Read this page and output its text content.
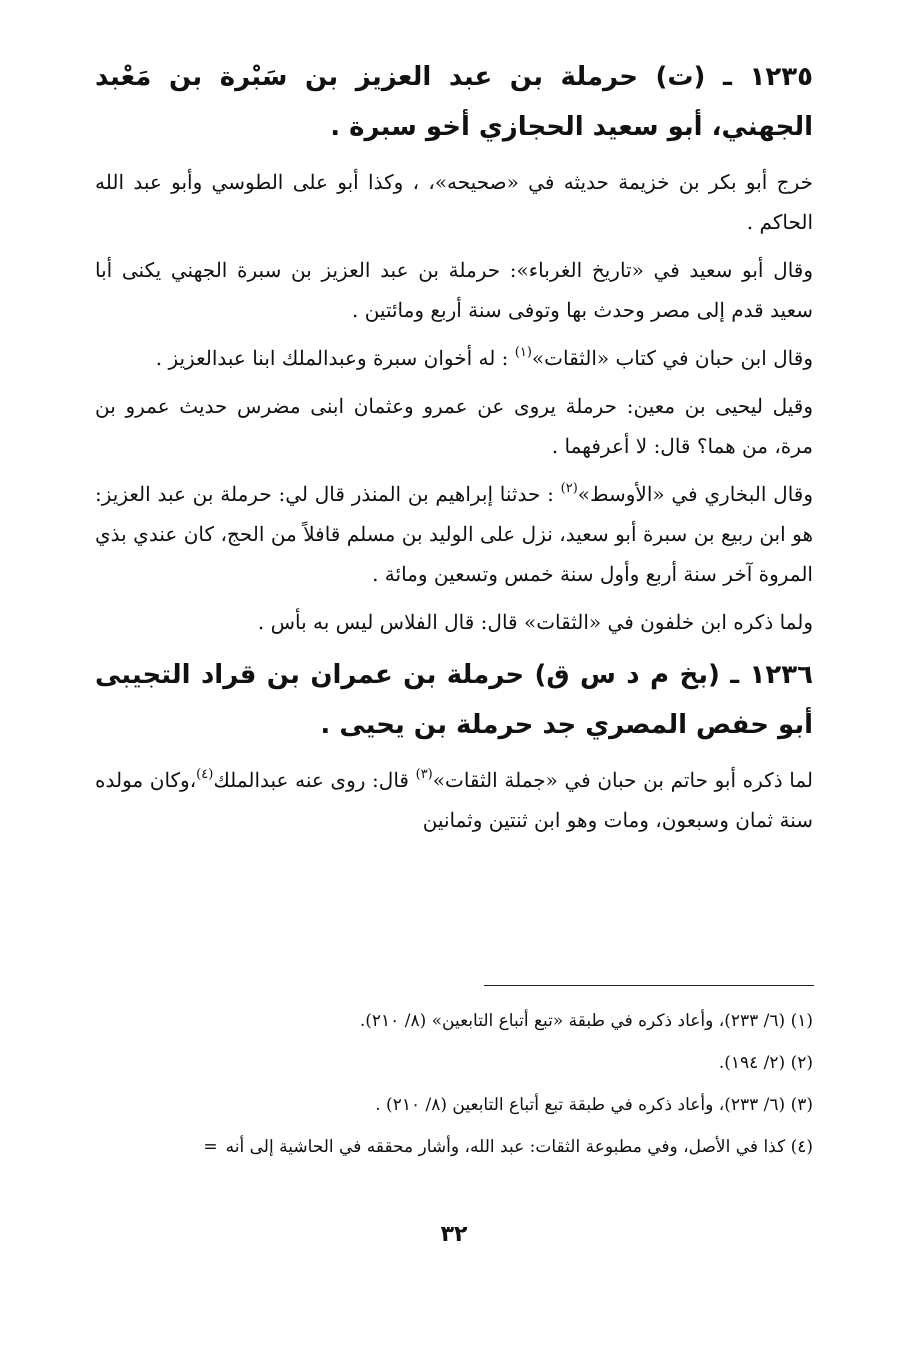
١٢٣٥ ـ (ت) حرملة بن عبد العزيز بن سَبْرة بن مَعْبد الجهني، أبو سعيد الحجازي أخو سبرة .

خرج أبو بكر بن خزيمة حديثه في «صحيحه»، ، وكذا أبو على الطوسي وأبو عبد الله الحاكم .

وقال أبو سعيد في «تاريخ الغرباء»: حرملة بن عبد العزيز بن سبرة الجهني يكنى أبا سعيد قدم إلى مصر وحدث بها وتوفى سنة أربع ومائتين .

وقال ابن حبان في كتاب «الثقات»$^{(١)}$ : له أخوان سبرة وعبدالملك ابنا عبدالعزيز .

وقيل ليحيى بن معين: حرملة يروى عن عمرو وعثمان ابنى مضرس حديث عمرو بن مرة، من هما؟ قال: لا أعرفهما .

وقال البخاري في «الأوسط»$^{(٢)}$ : حدثنا إبراهيم بن المنذر قال لي: حرملة بن عبد العزيز: هو ابن ربيع بن سبرة أبو سعيد، نزل على الوليد بن مسلم قافلاً من الحج، كان عندي بذي المروة آخر سنة أربع وأول سنة خمس وتسعين ومائة .

ولما ذكره ابن خلفون في «الثقات» قال: قال الفلاس ليس به بأس .

١٢٣٦ ـ (بخ م د س ق) حرملة بن عمران بن قراد التجيبى أبو حفص المصري جد حرملة بن يحيى .

لما ذكره أبو حاتم بن حبان في «جملة الثقات»$^{(٣)}$ قال: روى عنه عبدالملك$^{(٤)}$،وكان مولده سنة ثمان وسبعون، ومات وهو ابن ثنتين وثمانين

(١) (٦/ ٢٣٣)، وأعاد ذكره في طبقة «تبع أتباع التابعين» (٨/ ٢١٠).

(٢) (٢/ ١٩٤).

(٣) (٦/ ٢٣٣)، وأعاد ذكره في طبقة تبع أتباع التابعين (٨/ ٢١٠) .

(٤) كذا في الأصل، وفي مطبوعة الثقات: عبد الله، وأشار محققه في الحاشية إلى أنه=

٣٢
